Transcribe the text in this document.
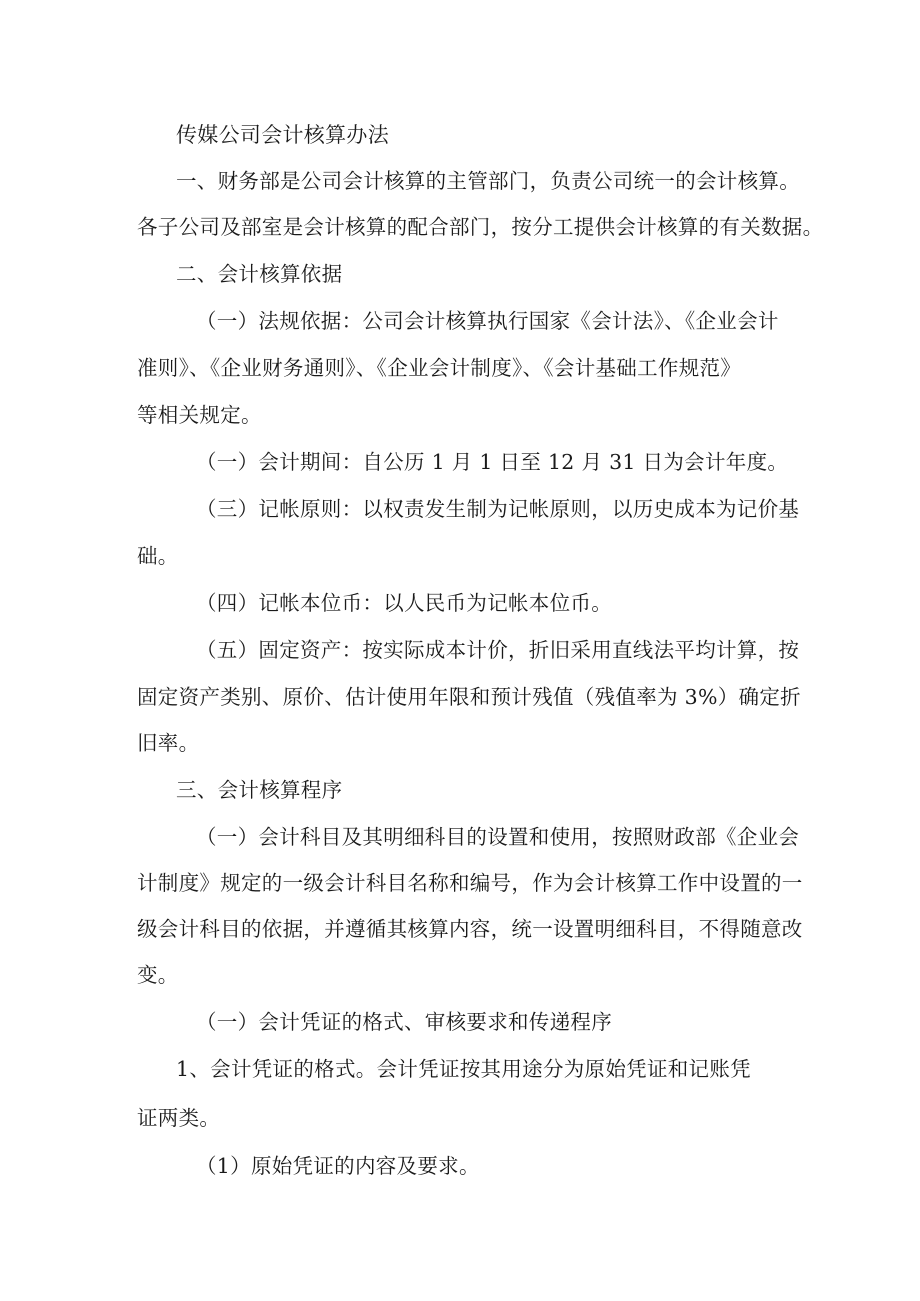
传媒公司会计核算办法
一、财务部是公司会计核算的主管部门，负责公司统一的会计核算。
各子公司及部室是会计核算的配合部门，按分工提供会计核算的有关数据。
二、会计核算依据
（一）法规依据：公司会计核算执行国家《会计法》、《企业会计
准则》、《企业财务通则》、《企业会计制度》、《会计基础工作规范》
等相关规定。
（一）会计期间：自公历 1 月 1 日至 12 月 31 日为会计年度。
（三）记帐原则：以权责发生制为记帐原则，以历史成本为记价基
础。
（四）记帐本位币：以人民币为记帐本位币。
（五）固定资产：按实际成本计价，折旧采用直线法平均计算，按
固定资产类别、原价、估计使用年限和预计残值（残值率为 3%）确定折
旧率。
三、会计核算程序
（一）会计科目及其明细科目的设置和使用，按照财政部《企业会
计制度》规定的一级会计科目名称和编号，作为会计核算工作中设置的一
级会计科目的依据，并遵循其核算内容，统一设置明细科目，不得随意改
变。
（一）会计凭证的格式、审核要求和传递程序
1、会计凭证的格式。会计凭证按其用途分为原始凭证和记账凭
证两类。
（1）原始凭证的内容及要求。
